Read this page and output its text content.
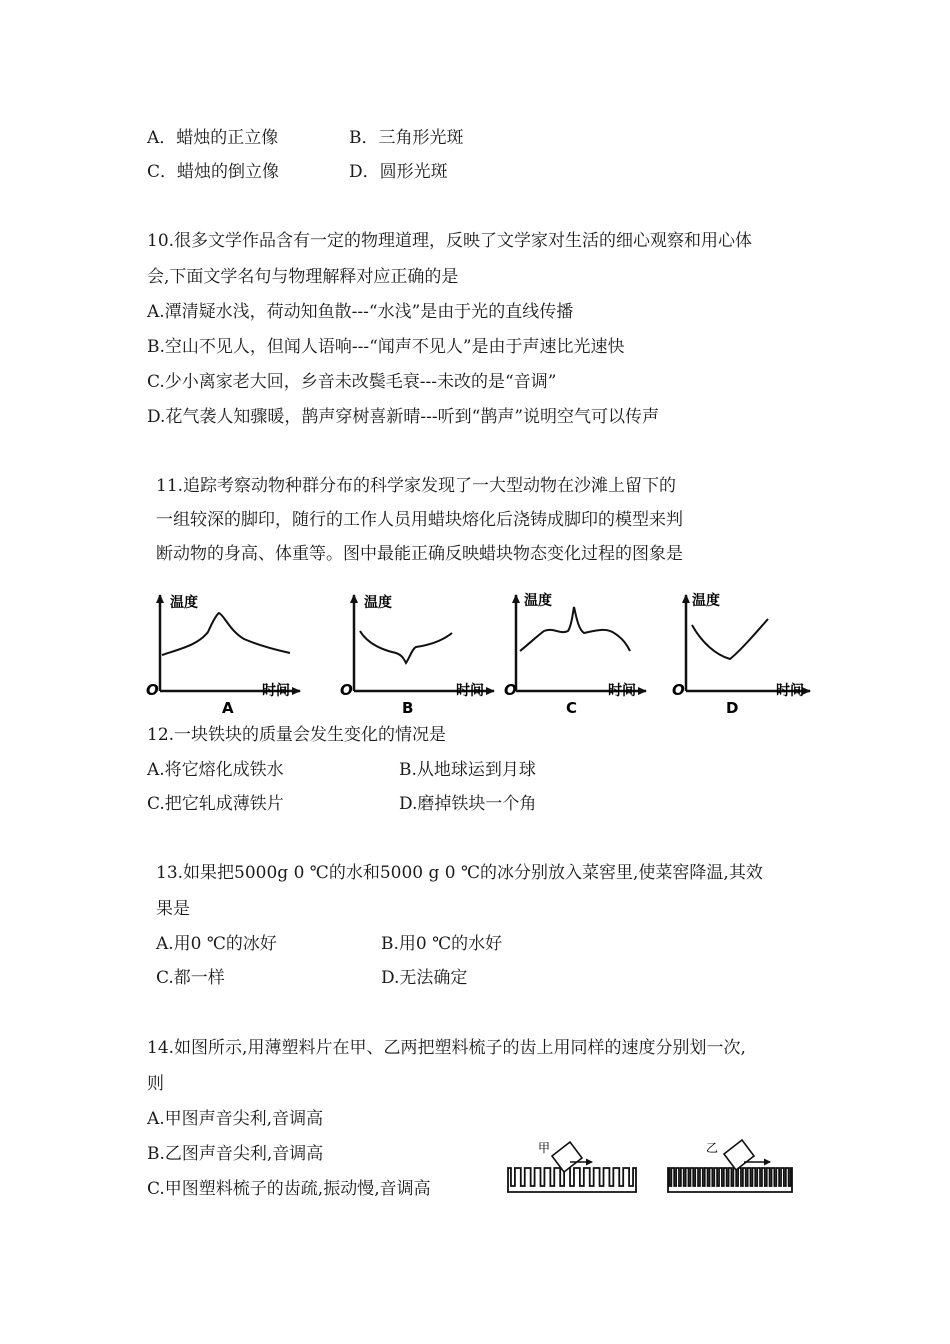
A．蜡烛的正立像	B．三角形光斑
C．蜡烛的倒立像	D．圆形光斑
10.很多文学作品含有一定的物理道理，反映了文学家对生活的细心观察和用心体
会,下面文学名句与物理解释对应正确的是
A.潭清疑水浅，荷动知鱼散---“水浅”是由于光的直线传播
B.空山不见人，但闻人语响---“闻声不见人”是由于声速比光速快
C.少小离家老大回，乡音未改鬓毛衰---未改的是“音调”
D.花气袭人知骤暖，鹊声穿树喜新晴---听到“鹊声”说明空气可以传声
11.追踪考察动物种群分布的科学家发现了一大型动物在沙滩上留下的
一组较深的脚印，随行的工作人员用蜡块熔化后浇铸成脚印的模型来判
断动物的身高、体重等。图中最能正确反映蜡块物态变化过程的图象是
温度
时间
O
A
温度
时间
O
B
温度
时间
O
C
温度
时间
O
D
12.一块铁块的质量会发生变化的情况是
A.将它熔化成铁水	B.从地球运到月球
C.把它轧成薄铁片	D.磨掉铁块一个角
13.如果把5000g 0 ℃的水和5000 g 0 ℃的冰分别放入菜窖里,使菜窖降温,其效
果是
A.用0 ℃的冰好	B.用0 ℃的水好
C.都一样	D.无法确定
14.如图所示,用薄塑料片在甲、乙两把塑料梳子的齿上用同样的速度分别划一次,
则
A.甲图声音尖利,音调高
B.乙图声音尖利,音调高
C.甲图塑料梳子的齿疏,振动慢,音调高
甲	乙
